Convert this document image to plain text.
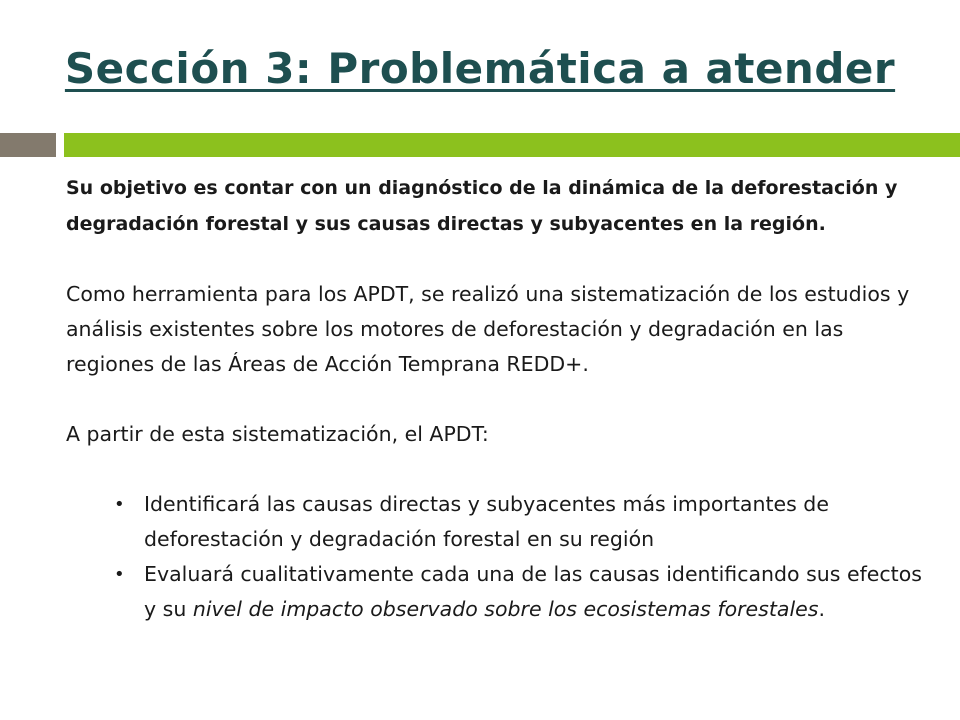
Sección 3: Problemática a atender

Su objetivo es contar con un diagnóstico de la dinámica de la deforestación y degradación forestal y sus causas directas y subyacentes en la región.

Como herramienta para los APDT, se realizó una sistematización de los estudios y análisis existentes sobre los motores de deforestación y degradación en las regiones de las Áreas de Acción Temprana REDD+.

A partir de esta sistematización, el APDT:

• Identificará las causas directas y subyacentes más importantes de deforestación y degradación forestal en su región
• Evaluará cualitativamente cada una de las causas identificando sus efectos y su nivel de impacto observado sobre los ecosistemas forestales.
